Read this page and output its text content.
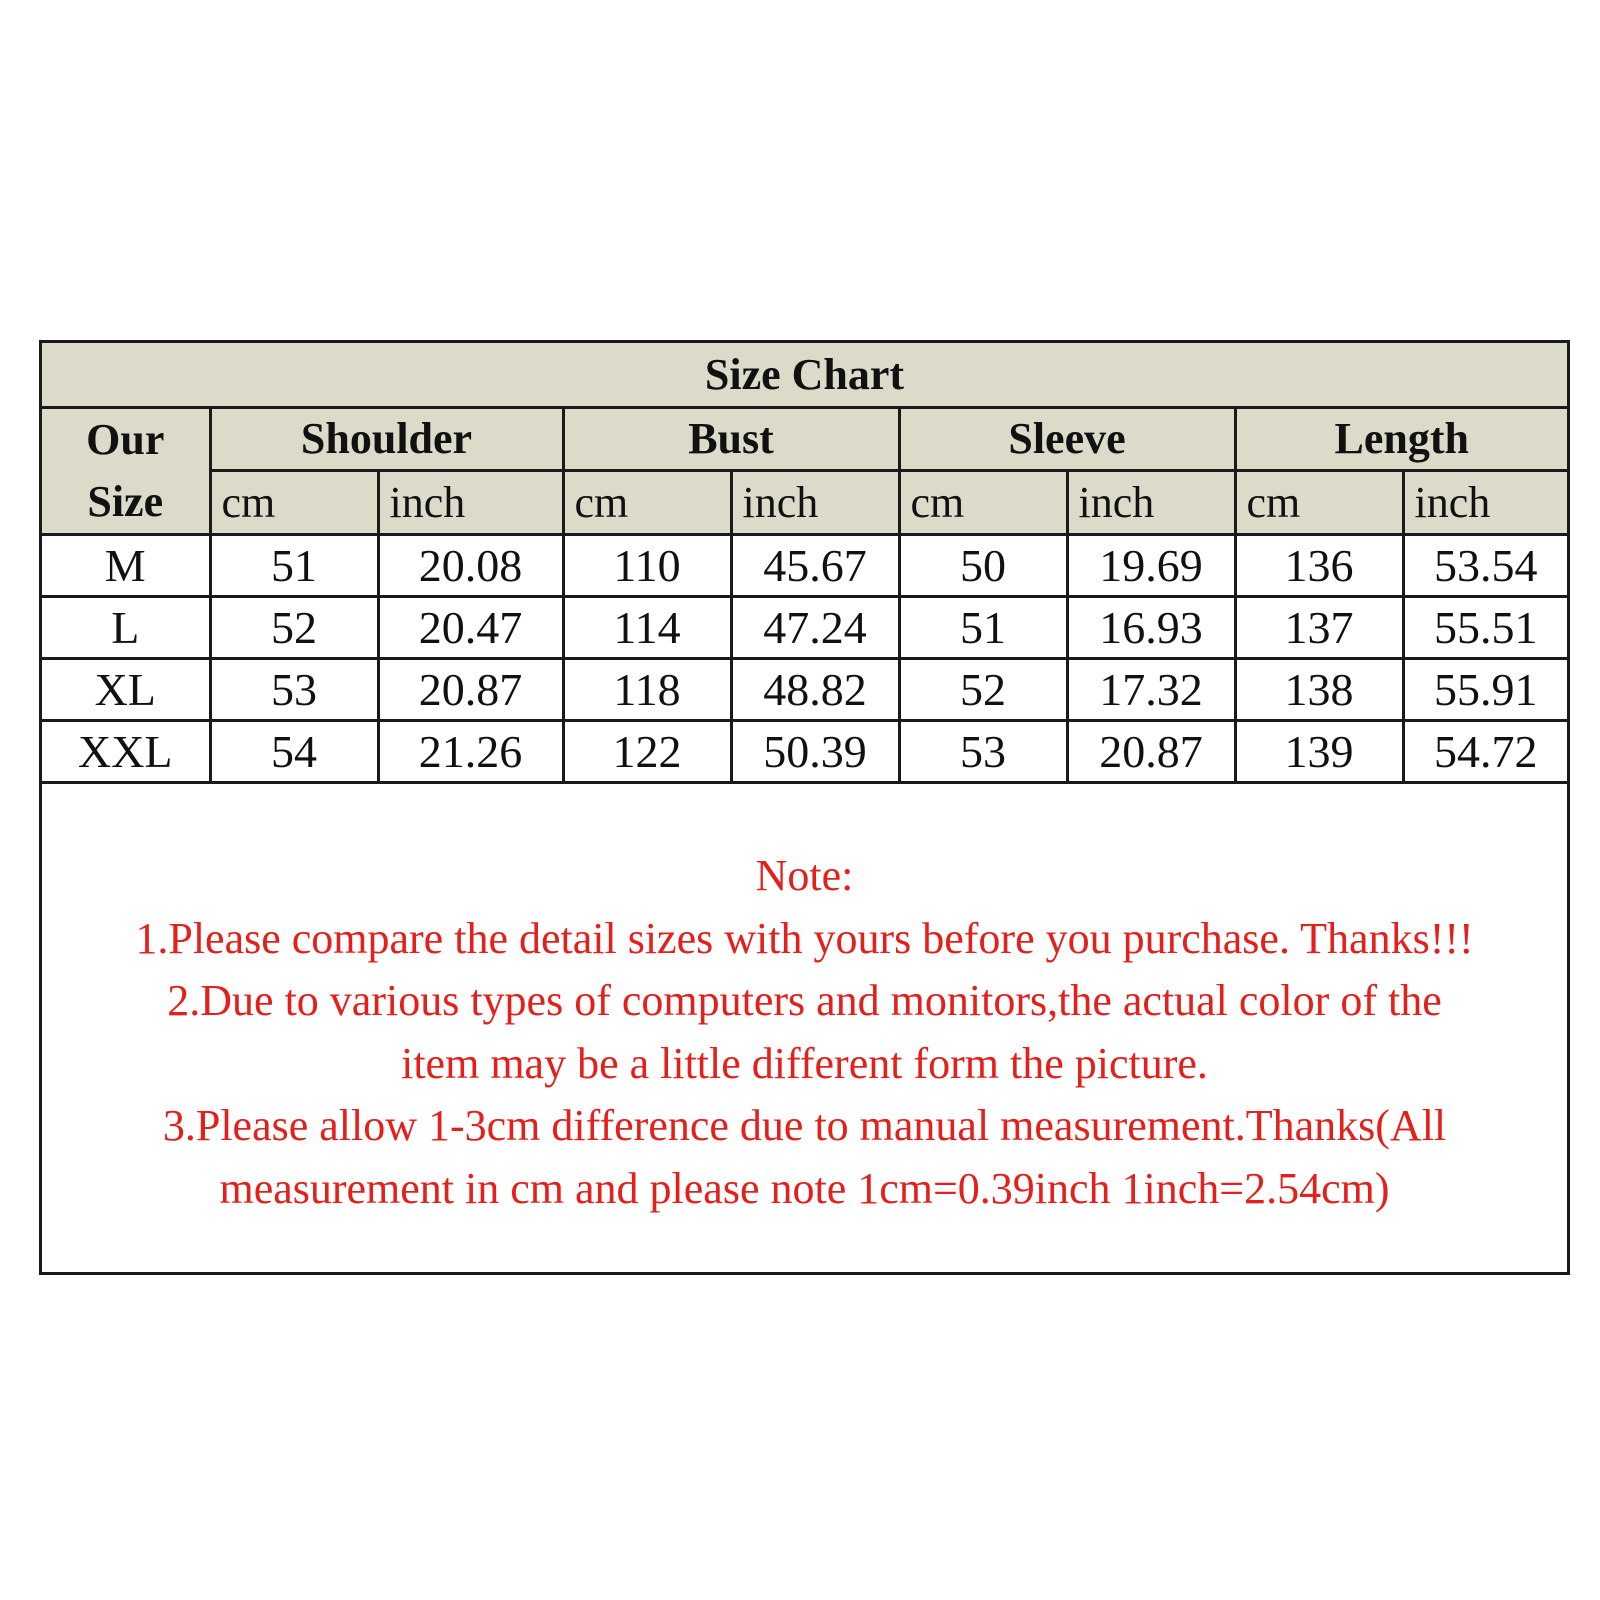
Size Chart								

Our
Size	Shoulder		Bust		Sleeve		Length	
	cm	inch	cm	inch	cm	inch	cm	inch
M	51	20.08	110	45.67	50	19.69	136	53.54
L	52	20.47	114	47.24	51	16.93	137	55.51
XL	53	20.87	118	48.82	52	17.32	138	55.91
XXL	54	21.26	122	50.39	53	20.87	139	54.72
Note:
1.Please compare the detail sizes with yours before you purchase. Thanks!!!
2.Due to various types of computers and monitors,the actual color of the
item may be a little different form the picture.
3.Please allow 1-3cm difference due to manual measurement.Thanks(All
measurement in cm and please note 1cm=0.39inch 1inch=2.54cm)
